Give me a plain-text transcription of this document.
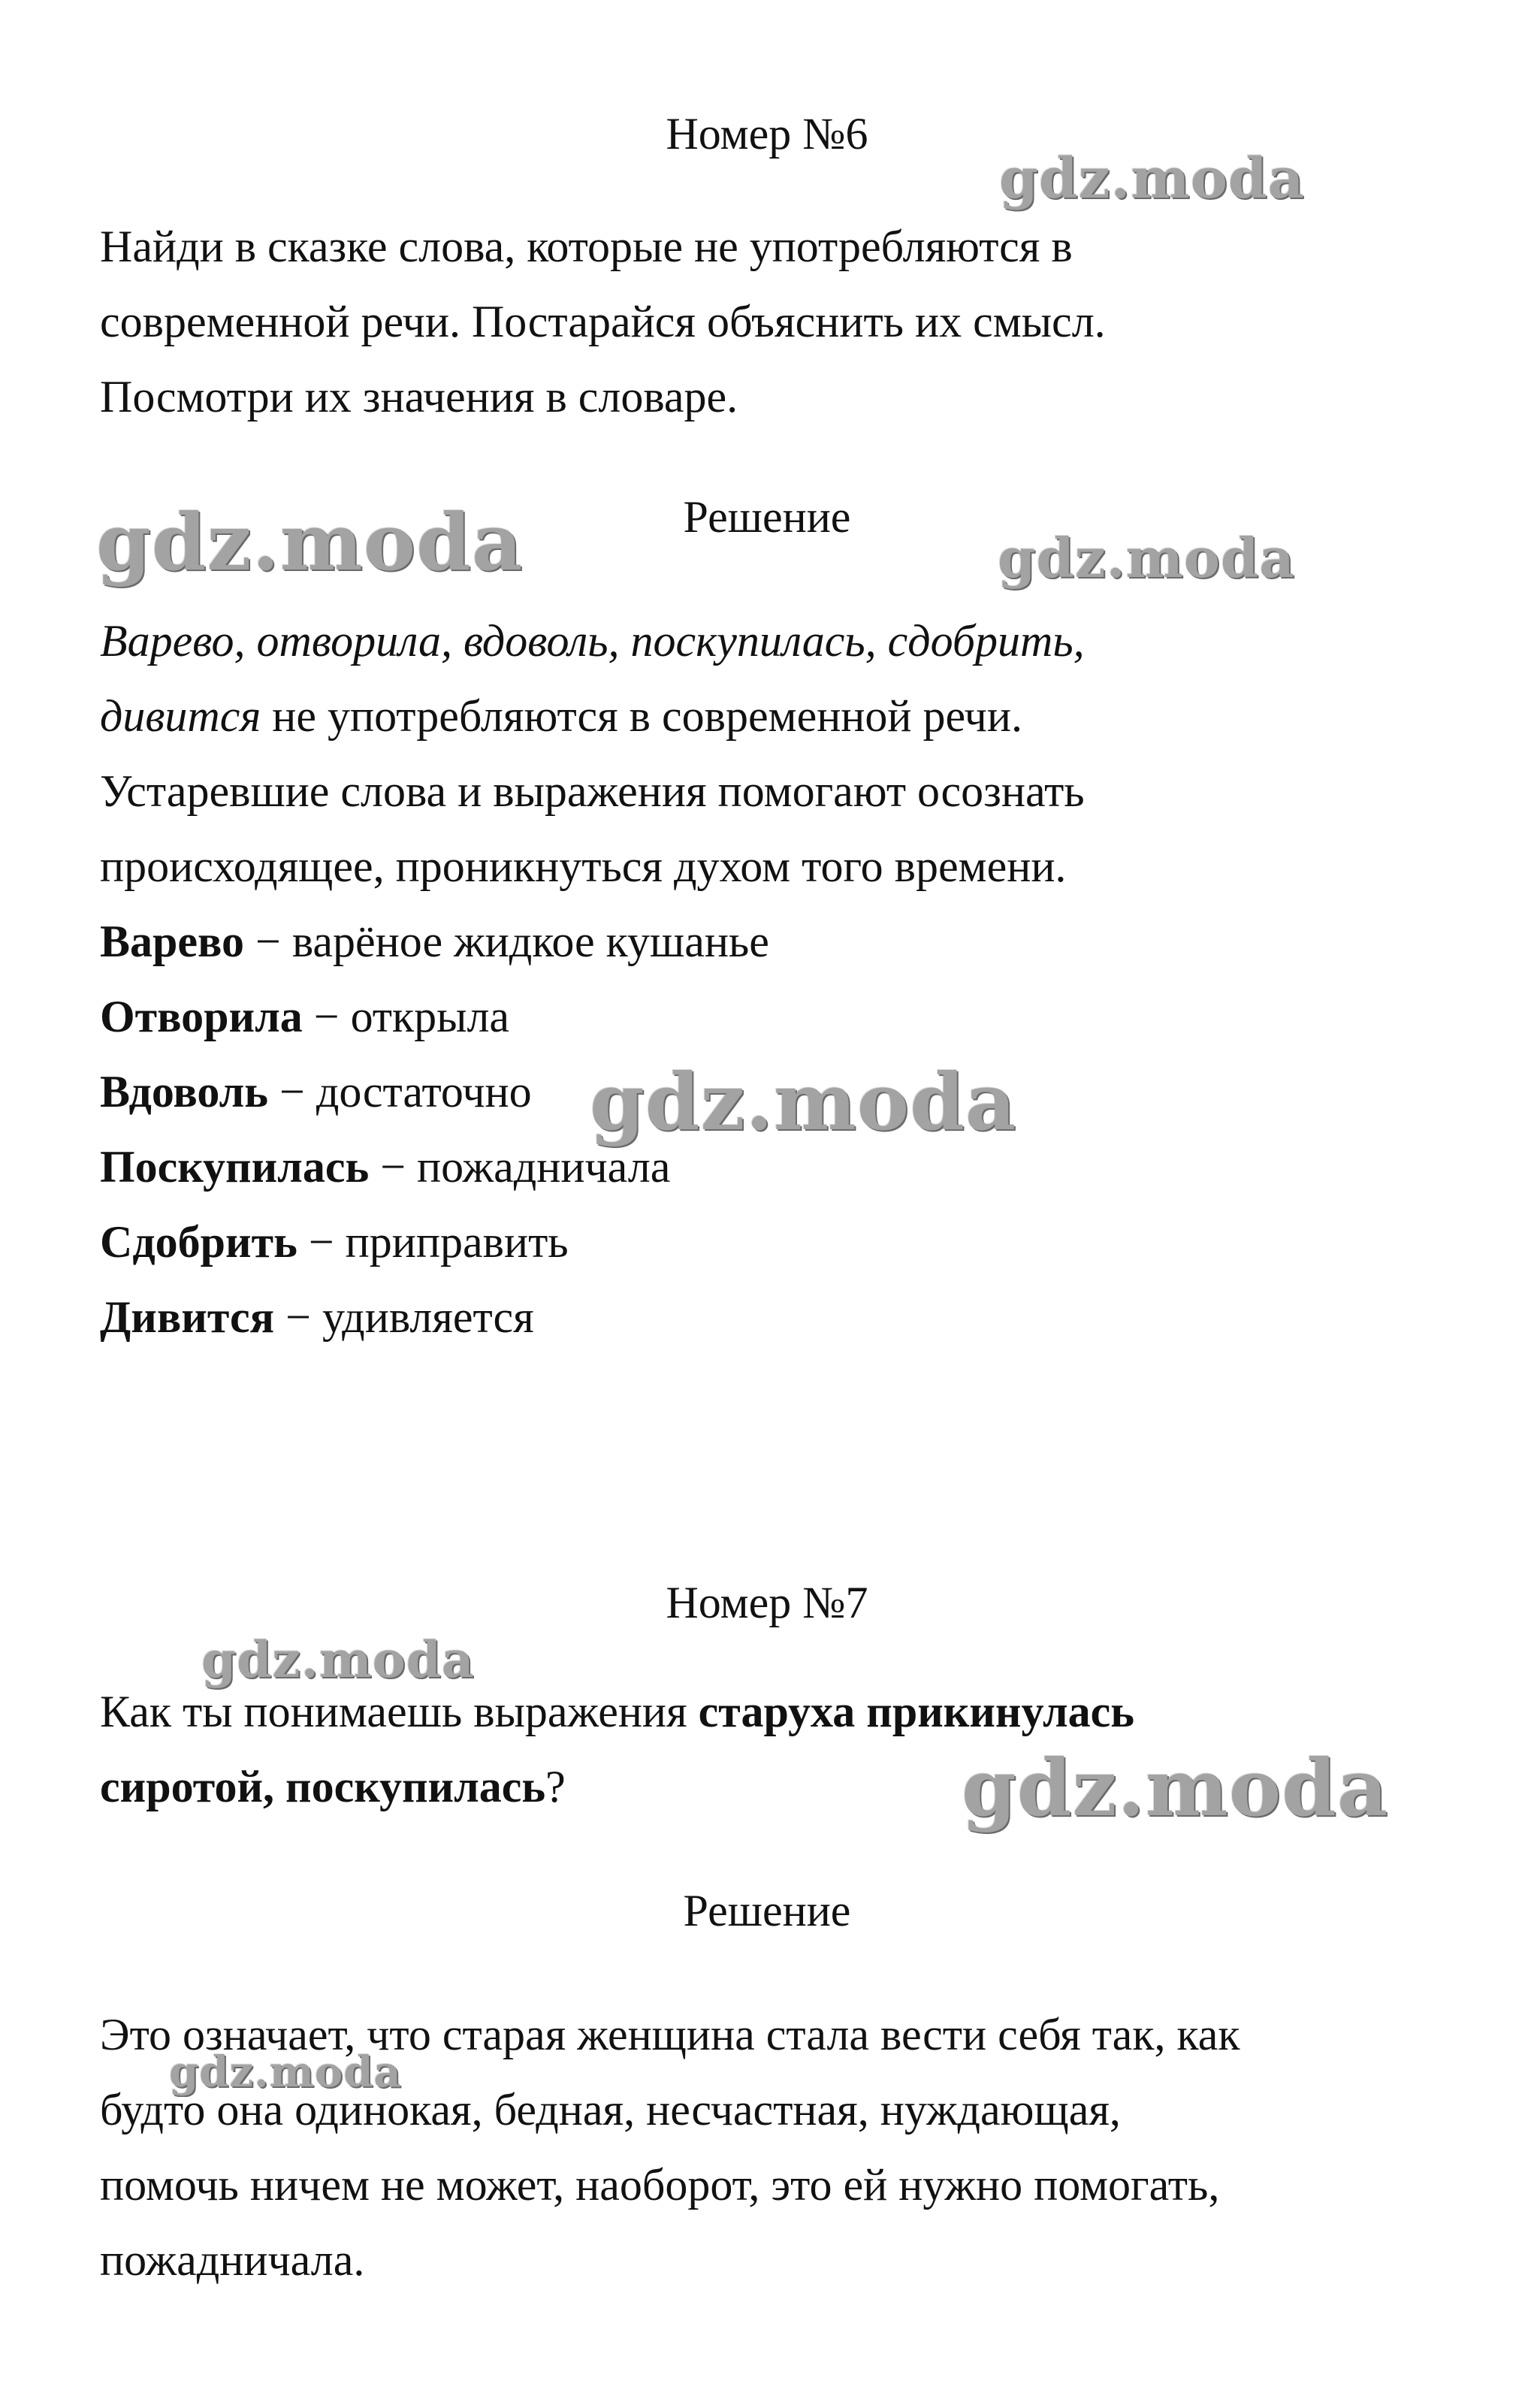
Номер №6
Найди в сказке слова, которые не употребляются в
современной речи. Постарайся объяснить их смысл.
Посмотри их значения в словаре.
Решение
Варево, отворила, вдоволь, поскупилась, сдобрить,
дивится не употребляются в современной речи.
Устаревшие слова и выражения помогают осознать
происходящее, проникнуться духом того времени.
Варево − варёное жидкое кушанье
Отворила − открыла
Вдоволь − достаточно
Поскупилась − пожадничала
Сдобрить − приправить
Дивится − удивляется
Номер №7
Как ты понимаешь выражения старуха прикинулась
сиротой, поскупилась?
Решение
Это означает, что старая женщина стала вести себя так, как
будто она одинокая, бедная, несчастная, нуждающая,
помочь ничем не может, наоборот, это ей нужно помогать,
пожадничала.
gdz.moda
gdz.moda	gdz.moda
gdz.moda
gdz.moda
gdz.moda
gdz.moda
